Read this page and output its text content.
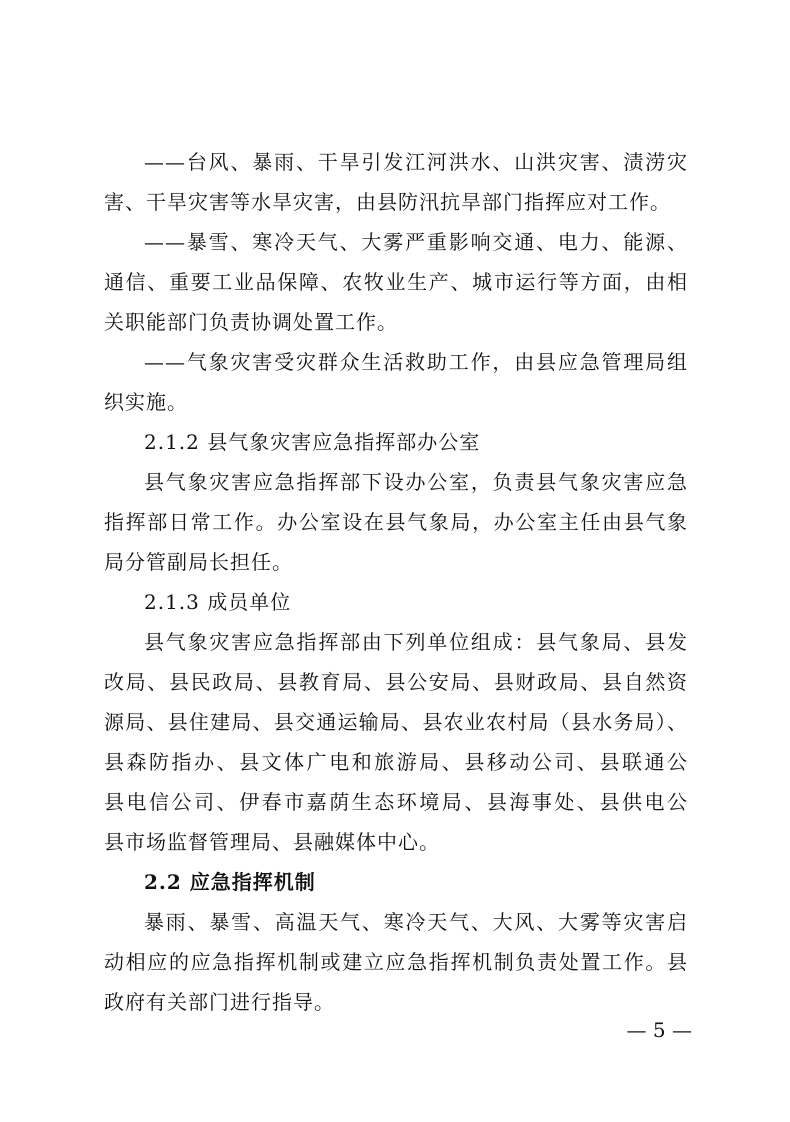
——台风、暴雨、干旱引发江河洪水、山洪灾害、渍涝灾
害、干旱灾害等水旱灾害，由县防汛抗旱部门指挥应对工作。
——暴雪、寒冷天气、大雾严重影响交通、电力、能源、
通信、重要工业品保障、农牧业生产、城市运行等方面，由相
关职能部门负责协调处置工作。
——气象灾害受灾群众生活救助工作，由县应急管理局组
织实施。
2.1.2 县气象灾害应急指挥部办公室
县气象灾害应急指挥部下设办公室，负责县气象灾害应急
指挥部日常工作。办公室设在县气象局，办公室主任由县气象
局分管副局长担任。
2.1.3 成员单位
县气象灾害应急指挥部由下列单位组成：县气象局、县发
改局、县民政局、县教育局、县公安局、县财政局、县自然资
源局、县住建局、县交通运输局、县农业农村局（县水务局）、
县森防指办、县文体广电和旅游局、县移动公司、县联通公
县电信公司、伊春市嘉荫生态环境局、县海事处、县供电公
县市场监督管理局、县融媒体中心。
2.2 应急指挥机制
暴雨、暴雪、高温天气、寒冷天气、大风、大雾等灾害启
动相应的应急指挥机制或建立应急指挥机制负责处置工作。县
政府有关部门进行指导。
— 5 —
